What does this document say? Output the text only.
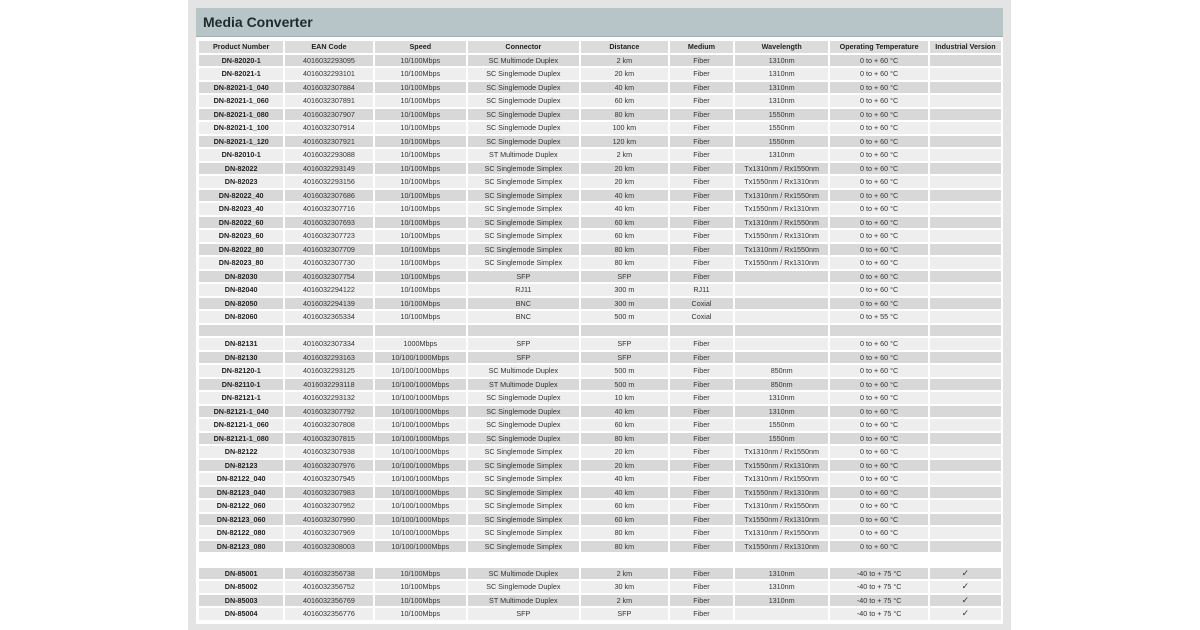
Media Converter
Product Number	EAN Code	Speed	Connector	Distance	Medium	Wavelength	Operating Temperature	Industrial Version
DN-82020-1	4016032293095	10/100Mbps	SC Multimode Duplex	2 km	Fiber	1310nm	0 to + 60 °C	
DN-82021-1	4016032293101	10/100Mbps	SC Singlemode Duplex	20 km	Fiber	1310nm	0 to + 60 °C	
DN-82021-1_040	4016032307884	10/100Mbps	SC Singlemode Duplex	40 km	Fiber	1310nm	0 to + 60 °C	
DN-82021-1_060	4016032307891	10/100Mbps	SC Singlemode Duplex	60 km	Fiber	1310nm	0 to + 60 °C	
DN-82021-1_080	4016032307907	10/100Mbps	SC Singlemode Duplex	80 km	Fiber	1550nm	0 to + 60 °C	
DN-82021-1_100	4016032307914	10/100Mbps	SC Singlemode Duplex	100 km	Fiber	1550nm	0 to + 60 °C	
DN-82021-1_120	4016032307921	10/100Mbps	SC Singlemode Duplex	120 km	Fiber	1550nm	0 to + 60 °C	
DN-82010-1	4016032293088	10/100Mbps	ST Multimode Duplex	2 km	Fiber	1310nm	0 to + 60 °C	
DN-82022	4016032293149	10/100Mbps	SC Singlemode Simplex	20 km	Fiber	Tx1310nm / Rx1550nm	0 to + 60 °C	
DN-82023	4016032293156	10/100Mbps	SC Singlemode Simplex	20 km	Fiber	Tx1550nm / Rx1310nm	0 to + 60 °C	
DN-82022_40	4016032307686	10/100Mbps	SC Singlemode Simplex	40 km	Fiber	Tx1310nm / Rx1550nm	0 to + 60 °C	
DN-82023_40	4016032307716	10/100Mbps	SC Singlemode Simplex	40 km	Fiber	Tx1550nm / Rx1310nm	0 to + 60 °C	
DN-82022_60	4016032307693	10/100Mbps	SC Singlemode Simplex	60 km	Fiber	Tx1310nm / Rx1550nm	0 to + 60 °C	
DN-82023_60	4016032307723	10/100Mbps	SC Singlemode Simplex	60 km	Fiber	Tx1550nm / Rx1310nm	0 to + 60 °C	
DN-82022_80	4016032307709	10/100Mbps	SC Singlemode Simplex	80 km	Fiber	Tx1310nm / Rx1550nm	0 to + 60 °C	
DN-82023_80	4016032307730	10/100Mbps	SC Singlemode Simplex	80 km	Fiber	Tx1550nm / Rx1310nm	0 to + 60 °C	
DN-82030	4016032307754	10/100Mbps	SFP	SFP	Fiber		0 to + 60 °C	
DN-82040	4016032294122	10/100Mbps	RJ11	300 m	RJ11		0 to + 60 °C	
DN-82050	4016032294139	10/100Mbps	BNC	300 m	Coxial		0 to + 60 °C	
DN-82060	4016032365334	10/100Mbps	BNC	500 m	Coxial		0 to + 55 °C	

DN-82131	4016032307334	1000Mbps	SFP	SFP	Fiber		0 to + 60 °C	
DN-82130	4016032293163	10/100/1000Mbps	SFP	SFP	Fiber		0 to + 60 °C	
DN-82120-1	4016032293125	10/100/1000Mbps	SC Multimode Duplex	500 m	Fiber	850nm	0 to + 60 °C	
DN-82110-1	4016032293118	10/100/1000Mbps	ST Multimode Duplex	500 m	Fiber	850nm	0 to + 60 °C	
DN-82121-1	4016032293132	10/100/1000Mbps	SC Singlemode Duplex	10 km	Fiber	1310nm	0 to + 60 °C	
DN-82121-1_040	4016032307792	10/100/1000Mbps	SC Singlemode Duplex	40 km	Fiber	1310nm	0 to + 60 °C	
DN-82121-1_060	4016032307808	10/100/1000Mbps	SC Singlemode Duplex	60 km	Fiber	1550nm	0 to + 60 °C	
DN-82121-1_080	4016032307815	10/100/1000Mbps	SC Singlemode Duplex	80 km	Fiber	1550nm	0 to + 60 °C	
DN-82122	4016032307938	10/100/1000Mbps	SC Singlemode Simplex	20 km	Fiber	Tx1310nm / Rx1550nm	0 to + 60 °C	
DN-82123	4016032307976	10/100/1000Mbps	SC Singlemode Simplex	20 km	Fiber	Tx1550nm / Rx1310nm	0 to + 60 °C	
DN-82122_040	4016032307945	10/100/1000Mbps	SC Singlemode Simplex	40 km	Fiber	Tx1310nm / Rx1550nm	0 to + 60 °C	
DN-82123_040	4016032307983	10/100/1000Mbps	SC Singlemode Simplex	40 km	Fiber	Tx1550nm / Rx1310nm	0 to + 60 °C	
DN-82122_060	4016032307952	10/100/1000Mbps	SC Singlemode Simplex	60 km	Fiber	Tx1310nm / Rx1550nm	0 to + 60 °C	
DN-82123_060	4016032307990	10/100/1000Mbps	SC Singlemode Simplex	60 km	Fiber	Tx1550nm / Rx1310nm	0 to + 60 °C	
DN-82122_080	4016032307969	10/100/1000Mbps	SC Singlemode Simplex	80 km	Fiber	Tx1310nm / Rx1550nm	0 to + 60 °C	
DN-82123_080	4016032308003	10/100/1000Mbps	SC Singlemode Simplex	80 km	Fiber	Tx1550nm / Rx1310nm	0 to + 60 °C	

DN-85001	4016032356738	10/100Mbps	SC Multimode Duplex	2 km	Fiber	1310nm	-40 to + 75 °C	✓
DN-85002	4016032356752	10/100Mbps	SC Singlemode Duplex	30 km	Fiber	1310nm	-40 to + 75 °C	✓
DN-85003	4016032356769	10/100Mbps	ST Multimode Duplex	2 km	Fiber	1310nm	-40 to + 75 °C	✓
DN-85004	4016032356776	10/100Mbps	SFP	SFP	Fiber		-40 to + 75 °C	✓
